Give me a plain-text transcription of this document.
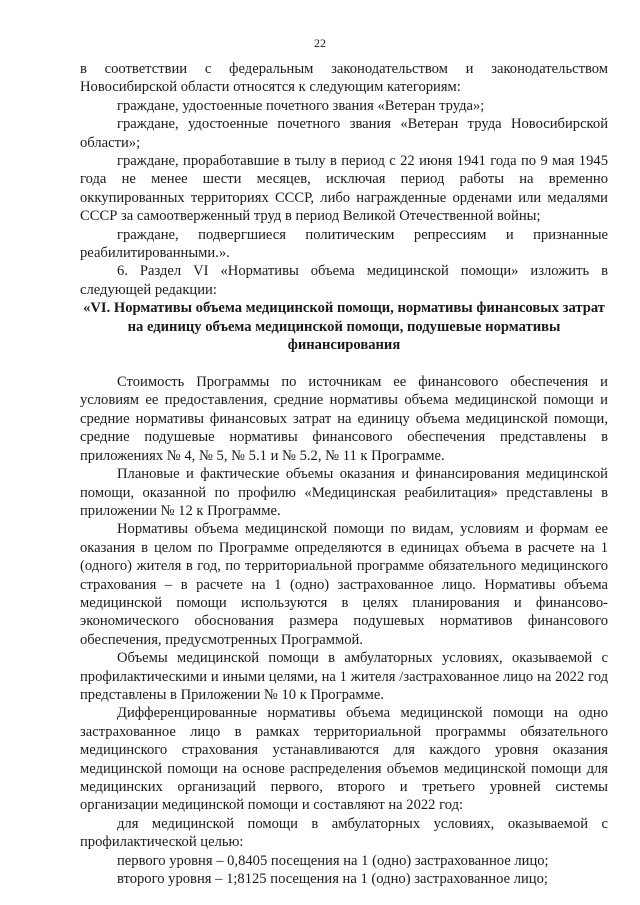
22

в соответствии с федеральным законодательством и законодательством Новосибирской области относятся к следующим категориям:

граждане, удостоенные почетного звания «Ветеран труда»;

граждане, удостоенные почетного звания «Ветеран труда Новосибирской области»;

граждане, проработавшие в тылу в период с 22 июня 1941 года по 9 мая 1945 года не менее шести месяцев, исключая период работы на временно оккупированных территориях СССР, либо награжденные орденами или медалями СССР за самоотверженный труд в период Великой Отечественной войны;

граждане, подвергшиеся политическим репрессиям и признанные реабилитированными.».

6. Раздел VI «Нормативы объема медицинской помощи» изложить в следующей редакции:

«VI. Нормативы объема медицинской помощи, нормативы финансовых затрат на единицу объема медицинской помощи, подушевые нормативы финансирования

Стоимость Программы по источникам ее финансового обеспечения и условиям ее предоставления, средние нормативы объема медицинской помощи и средние нормативы финансовых затрат на единицу объема медицинской помощи, средние подушевые нормативы финансового обеспечения представлены в приложениях № 4, № 5, № 5.1 и № 5.2, № 11 к Программе.

Плановые и фактические объемы оказания и финансирования медицинской помощи, оказанной по профилю «Медицинская реабилитация» представлены в приложении № 12 к Программе.

Нормативы объема медицинской помощи по видам, условиям и формам ее оказания в целом по Программе определяются в единицах объема в расчете на 1 (одного) жителя в год, по территориальной программе обязательного медицинского страхования – в расчете на 1 (одно) застрахованное лицо. Нормативы объема медицинской помощи используются в целях планирования и финансово-экономического обоснования размера подушевых нормативов финансового обеспечения, предусмотренных Программой.

Объемы медицинской помощи в амбулаторных условиях, оказываемой с профилактическими и иными целями, на 1 жителя /застрахованное лицо на 2022 год представлены в Приложении № 10 к Программе.

Дифференцированные нормативы объема медицинской помощи на одно застрахованное лицо в рамках территориальной программы обязательного медицинского страхования устанавливаются для каждого уровня оказания медицинской помощи на основе распределения объемов медицинской помощи для медицинских организаций первого, второго и третьего уровней системы организации медицинской помощи и составляют на 2022 год:

для медицинской помощи в амбулаторных условиях, оказываемой с профилактической целью:

первого уровня – 0,8405 посещения на 1 (одно) застрахованное лицо;

второго уровня – 1;8125 посещения на 1 (одно) застрахованное лицо;
